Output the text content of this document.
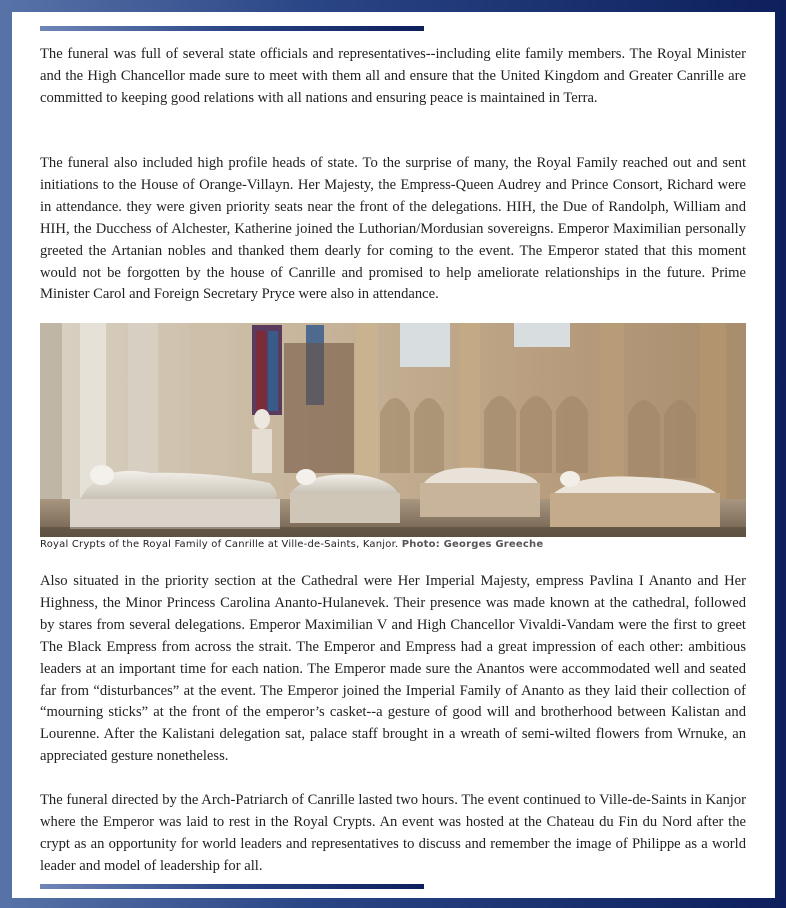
The funeral was full of several state officials and representatives--including elite family members. The Royal Minister and the High Chancellor made sure to meet with them all and ensure that the United Kingdom and Greater Canrille are committed to keeping good relations with all nations and ensuring peace is maintained in Terra.

The funeral also included high profile heads of state. To the surprise of many, the Royal Family reached out and sent initiations to the House of Orange-Villayn. Her Majesty, the Empress-Queen Audrey and Prince Consort, Richard were in attendance. they were given priority seats near the front of the delegations. HIH, the Due of Randolph, William and HIH, the Ducchess of Alchester, Katherine joined the Luthorian/Mordusian sovereigns. Emperor Maximilian personally greeted the Artanian nobles and thanked them dearly for coming to the event. The Emperor stated that this moment would not be forgotten by the house of Canrille and promised to help ameliorate relationships in the future. Prime Minister Carol and Foreign Secretary Pryce were also in attendance.

Royal Crypts of the Royal Family of Canrille at Ville-de-Saints, Kanjor. Photo: Georges Greeche

Also situated in the priority section at the Cathedral were Her Imperial Majesty, empress Pavlina I Ananto and Her Highness, the Minor Princess Carolina Ananto-Hulanevek. Their presence was made known at the cathedral, followed by stares from several delegations. Emperor Maximilian V and High Chancellor Vivaldi-Vandam were the first to greet The Black Empress from across the strait. The Emperor and Empress had a great impression of each other: ambitious leaders at an important time for each nation. The Emperor made sure the Anantos were accommodated well and seated far from “disturbances” at the event. The Emperor joined the Imperial Family of Ananto as they laid their collection of “mourning sticks” at the front of the emperor’s casket--a gesture of good will and brotherhood between Kalistan and Lourenne. After the Kalistani delegation sat, palace staff brought in a wreath of semi-wilted flowers from Wrnuke, an appreciated gesture nonetheless.

The funeral directed by the Arch-Patriarch of Canrille lasted two hours. The event continued to Ville-de-Saints in Kanjor where the Emperor was laid to rest in the Royal Crypts. An event was hosted at the Chateau du Fin du Nord after the crypt as an opportunity for world leaders and representatives to discuss and remember the image of Philippe as a world leader and model of leadership for all.
